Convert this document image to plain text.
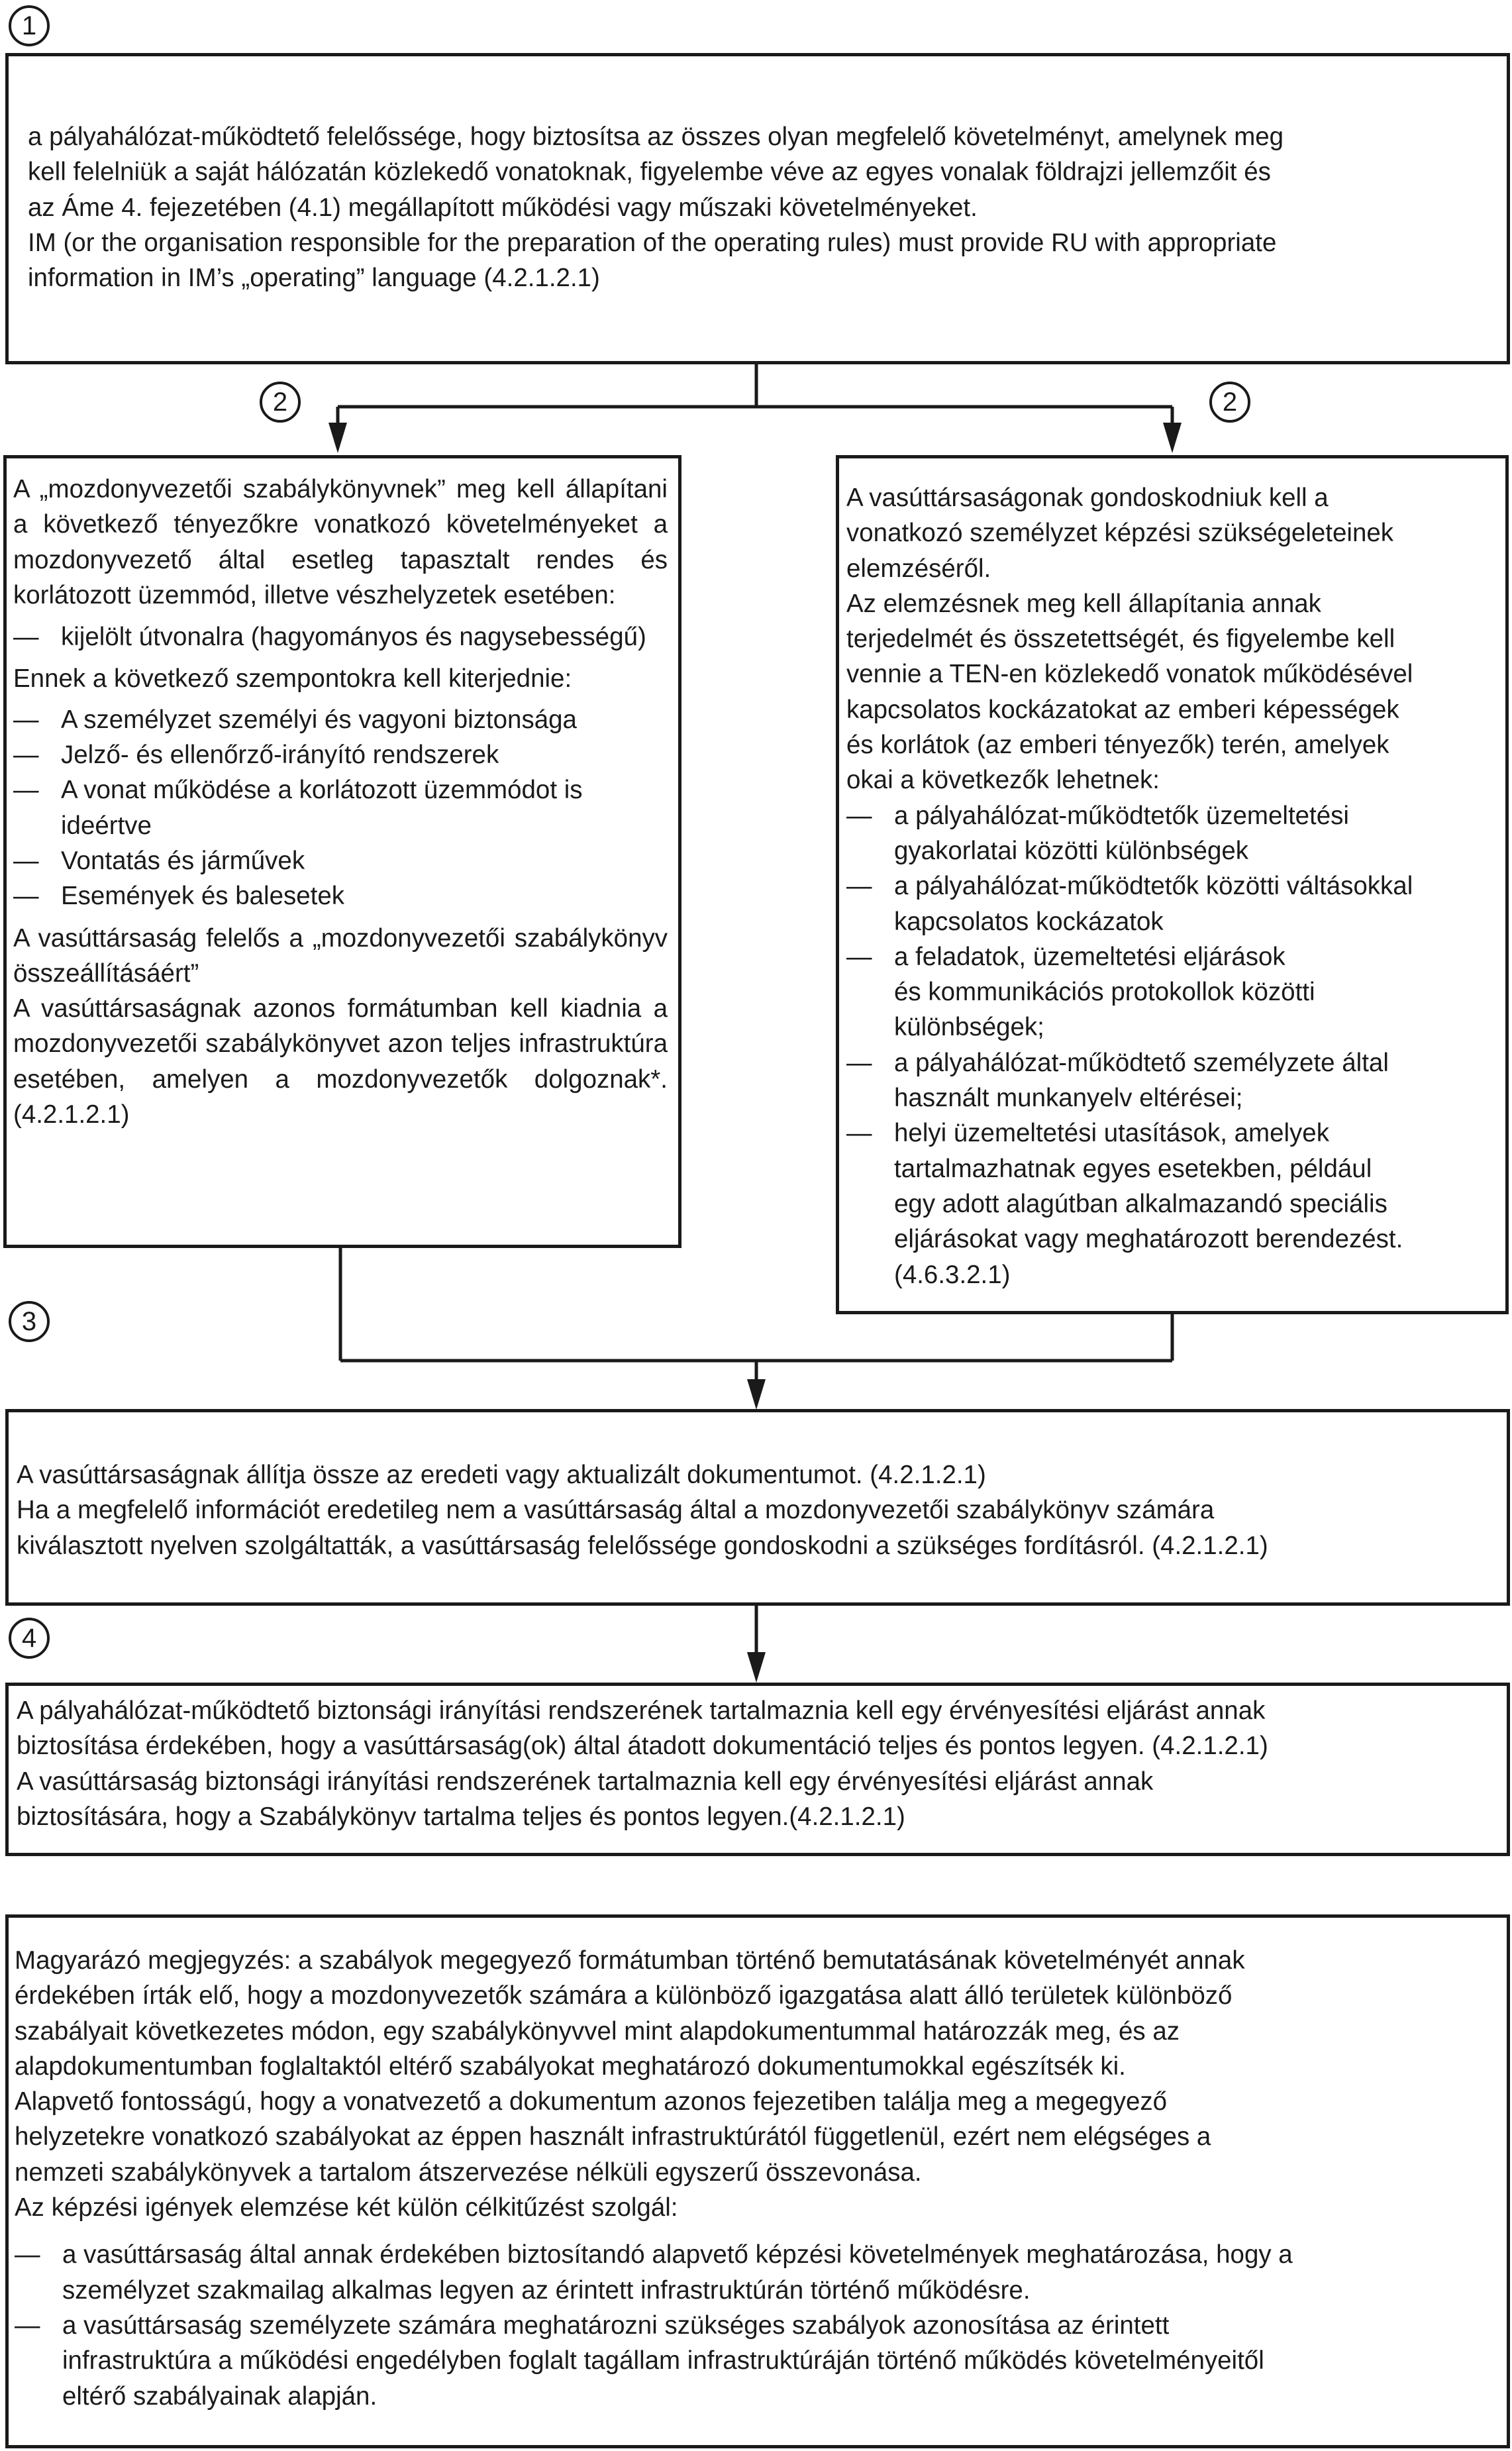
1
2	2
3
4

a pályahálózat-működtető felelőssége, hogy biztosítsa az összes olyan megfelelő követelményt, amelynek meg

kell felelniük a saját hálózatán közlekedő vonatoknak, figyelembe véve az egyes vonalak földrajzi jellemzőit és

az Áme 4. fejezetében (4.1) megállapított működési vagy műszaki követelményeket.

IM (or the organisation responsible for the preparation of the operating rules) must provide RU with appropriate

information in IM’s „operating” language (4.2.1.2.1)

A „mozdonyvezetői szabálykönyvnek” meg kell állapítani a következő tényezőkre vonatkozó követelményeket a mozdonyvezető által esetleg tapasztalt rendes és korlátozott üzemmód, illetve vészhelyzetek esetében:

— kijelölt útvonalra (hagyományos és nagysebességű)

Ennek a következő szempontokra kell kiterjednie:

— A személyzet személyi és vagyoni biztonsága
— Jelző- és ellenőrző-irányító rendszerek
— A vonat működése a korlátozott üzemmódot is ideértve
— Vontatás és járművek
— Események és balesetek

A vasúttársaság felelős a „mozdonyvezetői szabálykönyv összeállításáért”

A vasúttársaságnak azonos formátumban kell kiadnia a mozdonyvezetői szabálykönyvet azon teljes infrastruktúra esetében, amelyen a mozdonyvezetők dolgoznak*. (4.2.1.2.1)

A vasúttársaságonak gondoskodniuk kell a

vonatkozó személyzet képzési szükségeleteinek

elemzéséről.

Az elemzésnek meg kell állapítania annak

terjedelmét és összetettségét, és figyelembe kell

vennie a TEN-en közlekedő vonatok működésével

kapcsolatos kockázatokat az emberi képességek

és korlátok (az emberi tényezők) terén, amelyek

okai a következők lehetnek:

— a pályahálózat-működtetők üzemeltetési

gyakorlatai közötti különbségek

— a pályahálózat-működtetők közötti váltásokkal

kapcsolatos kockázatok

— a feladatok, üzemeltetési eljárások

és kommunikációs protokollok közötti

különbségek;

— a pályahálózat-működtető személyzete által

használt munkanyelv eltérései;

— helyi üzemeltetési utasítások, amelyek

tartalmazhatnak egyes esetekben, például

egy adott alagútban alkalmazandó speciális

eljárásokat vagy meghatározott berendezést.

(4.6.3.2.1)

A vasúttársaságnak állítja össze az eredeti vagy aktualizált dokumentumot. (4.2.1.2.1)

Ha a megfelelő információt eredetileg nem a vasúttársaság által a mozdonyvezetői szabálykönyv számára

kiválasztott nyelven szolgáltatták, a vasúttársaság felelőssége gondoskodni a szükséges fordításról. (4.2.1.2.1)

A pályahálózat-működtető biztonsági irányítási rendszerének tartalmaznia kell egy érvényesítési eljárást annak

biztosítása érdekében, hogy a vasúttársaság(ok) által átadott dokumentáció teljes és pontos legyen. (4.2.1.2.1)

A vasúttársaság biztonsági irányítási rendszerének tartalmaznia kell egy érvényesítési eljárást annak

biztosítására, hogy a Szabálykönyv tartalma teljes és pontos legyen.(4.2.1.2.1)

Magyarázó megjegyzés: a szabályok megegyező formátumban történő bemutatásának követelményét annak

érdekében írták elő, hogy a mozdonyvezetők számára a különböző igazgatása alatt álló területek különböző

szabályait következetes módon, egy szabálykönyvvel mint alapdokumentummal határozzák meg, és az

alapdokumentumban foglaltaktól eltérő szabályokat meghatározó dokumentumokkal egészítsék ki.

Alapvető fontosságú, hogy a vonatvezető a dokumentum azonos fejezetiben találja meg a megegyező

helyzetekre vonatkozó szabályokat az éppen használt infrastruktúrától függetlenül, ezért nem elégséges a

nemzeti szabálykönyvek a tartalom átszervezése nélküli egyszerű összevonása.

Az képzési igények elemzése két külön célkitűzést szolgál:

— a vasúttársaság által annak érdekében biztosítandó alapvető képzési követelmények meghatározása, hogy a

személyzet szakmailag alkalmas legyen az érintett infrastruktúrán történő működésre.

— a vasúttársaság személyzete számára meghatározni szükséges szabályok azonosítása az érintett

infrastruktúra a működési engedélyben foglalt tagállam infrastruktúráján történő működés követelményeitől

eltérő szabályainak alapján.
